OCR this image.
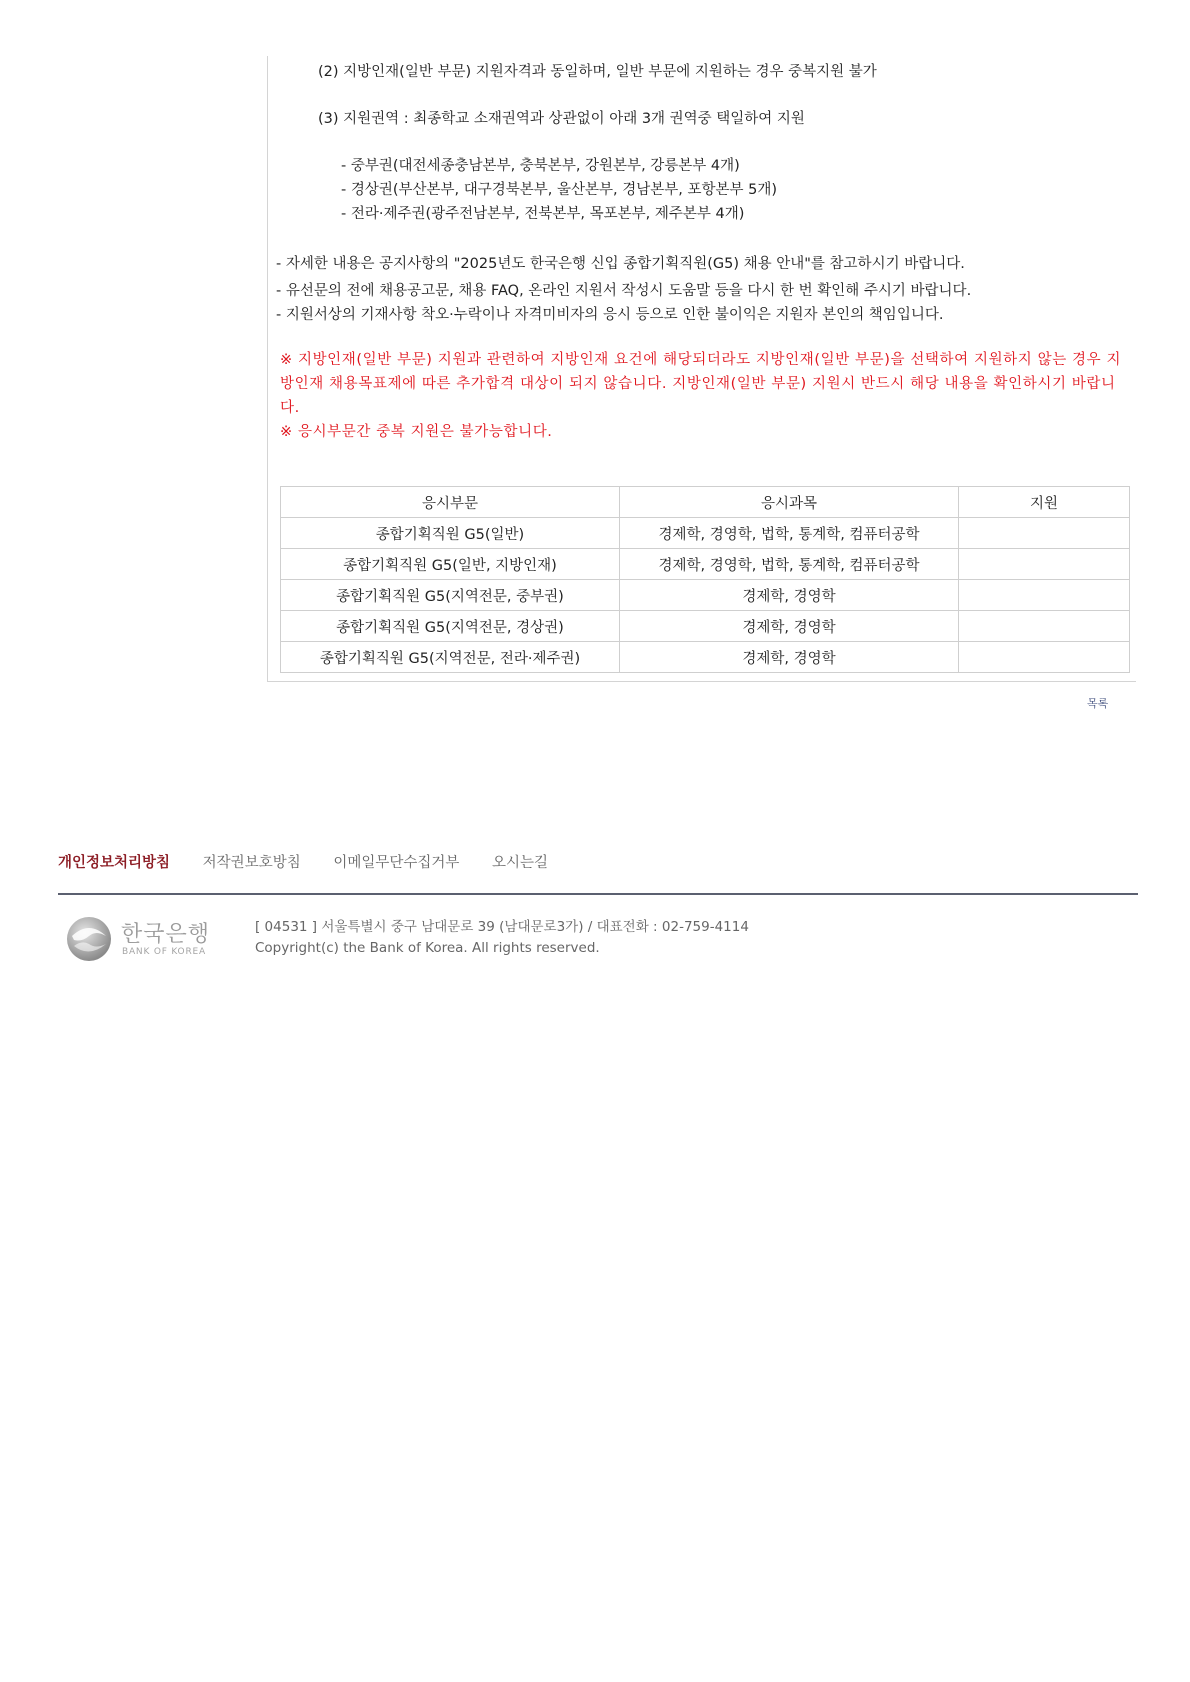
(2) 지방인재(일반 부문) 지원자격과 동일하며, 일반 부문에 지원하는 경우 중복지원 불가
(3) 지원권역 : 최종학교 소재권역과 상관없이 아래 3개 권역중 택일하여 지원
- 중부권(대전세종충남본부, 충북본부, 강원본부, 강릉본부 4개)
- 경상권(부산본부, 대구경북본부, 울산본부, 경남본부, 포항본부 5개)
- 전라·제주권(광주전남본부, 전북본부, 목포본부, 제주본부 4개)
- 자세한 내용은 공지사항의 "2025년도 한국은행 신입 종합기획직원(G5) 채용 안내"를 참고하시기 바랍니다.
- 유선문의 전에 채용공고문, 채용 FAQ, 온라인 지원서 작성시 도움말 등을 다시 한 번 확인해 주시기 바랍니다.
- 지원서상의 기재사항 착오·누락이나 자격미비자의 응시 등으로 인한 불이익은 지원자 본인의 책임입니다.
※ 지방인재(일반 부문) 지원과 관련하여 지방인재 요건에 해당되더라도 지방인재(일반 부문)을 선택하여 지원하지 않는 경우 지방인재 채용목표제에 따른 추가합격 대상이 되지 않습니다. 지방인재(일반 부문) 지원시 반드시 해당 내용을 확인하시기 바랍니다.
※ 응시부문간 중복 지원은 불가능합니다.
응시부문	응시과목	지원
종합기획직원 G5(일반)	경제학, 경영학, 법학, 통계학, 컴퓨터공학	
종합기획직원 G5(일반, 지방인재)	경제학, 경영학, 법학, 통계학, 컴퓨터공학	
종합기획직원 G5(지역전문, 중부권)	경제학, 경영학	
종합기획직원 G5(지역전문, 경상권)	경제학, 경영학	
종합기획직원 G5(지역전문, 전라·제주권)	경제학, 경영학	
목록
개인정보처리방침 저작권보호방침 이메일무단수집거부 오시는길
한국은행
BANK OF KOREA
[ 04531 ] 서울특별시 중구 남대문로 39 (남대문로3가) / 대표전화 : 02-759-4114
Copyright(c) the Bank of Korea. All rights reserved.
